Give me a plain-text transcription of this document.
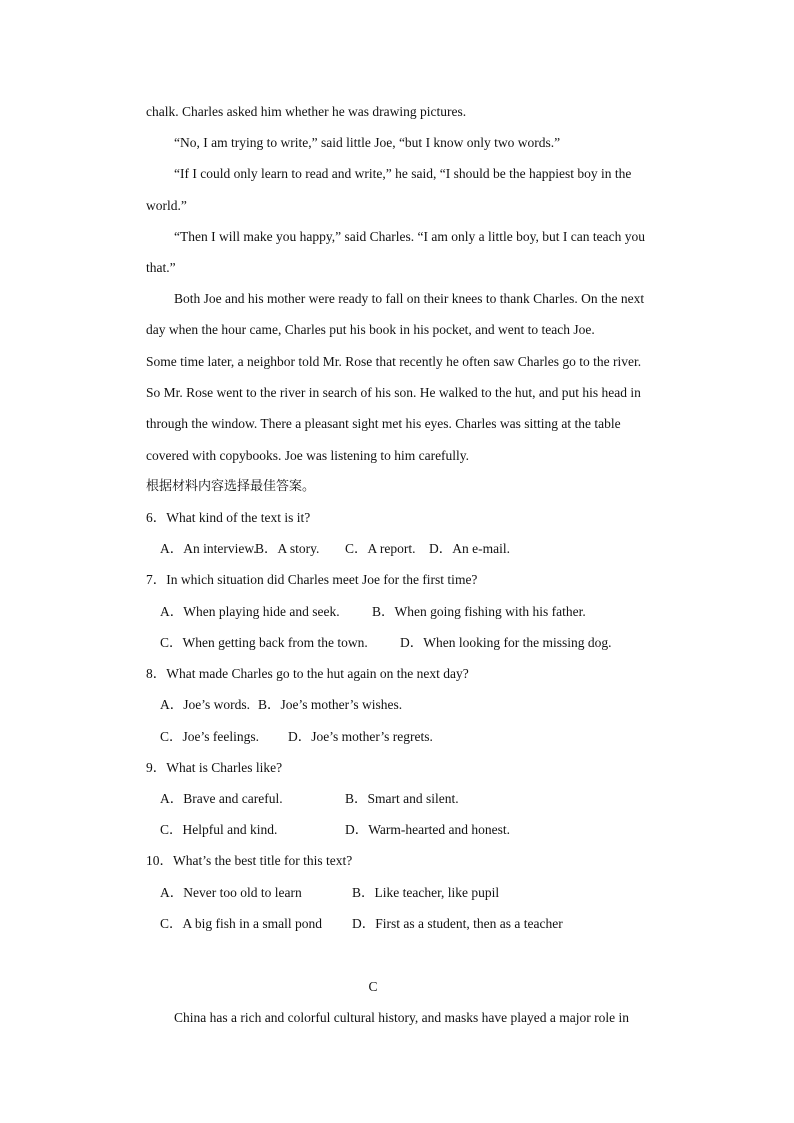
chalk. Charles asked him whether he was drawing pictures.
“No, I am trying to write,” said little Joe, “but I know only two words.”
“If I could only learn to read and write,” he said, “I should be the happiest boy in the
world.”
“Then I will make you happy,” said Charles. “I am only a little boy, but I can teach you
that.”
Both Joe and his mother were ready to fall on their knees to thank Charles. On the next
day when the hour came, Charles put his book in his pocket, and went to teach Joe.
Some time later, a neighbor told Mr. Rose that recently he often saw Charles go to the river.
So Mr. Rose went to the river in search of his son. He walked to the hut, and put his head in
through the window. There a pleasant sight met his eyes. Charles was sitting at the table
covered with copybooks. Joe was listening to him carefully.
根据材料内容选择最佳答案。
6．What kind of the text is it?
A．An interview.
B．A story. C．A report. D．An e-mail.
7．In which situation did Charles meet Joe for the first time?
A．When playing hide and seek. B．When going fishing with his father.
C．When getting back from the town. D．When looking for the missing dog.
8．What made Charles go to the hut again on the next day?
A．Joe’s words. B．Joe’s mother’s wishes.
C．Joe’s feelings. D．Joe’s mother’s regrets.
9．What is Charles like?
A．Brave and careful.	B．Smart and silent.
C．Helpful and kind.	D．Warm-hearted and honest.
10．What’s the best title for this text?
A．Never too old to learn	B．Like teacher, like pupil
C．A big fish in a small pond D．First as a student, then as a teacher
C
China has a rich and colorful cultural history, and masks have played a major role in
